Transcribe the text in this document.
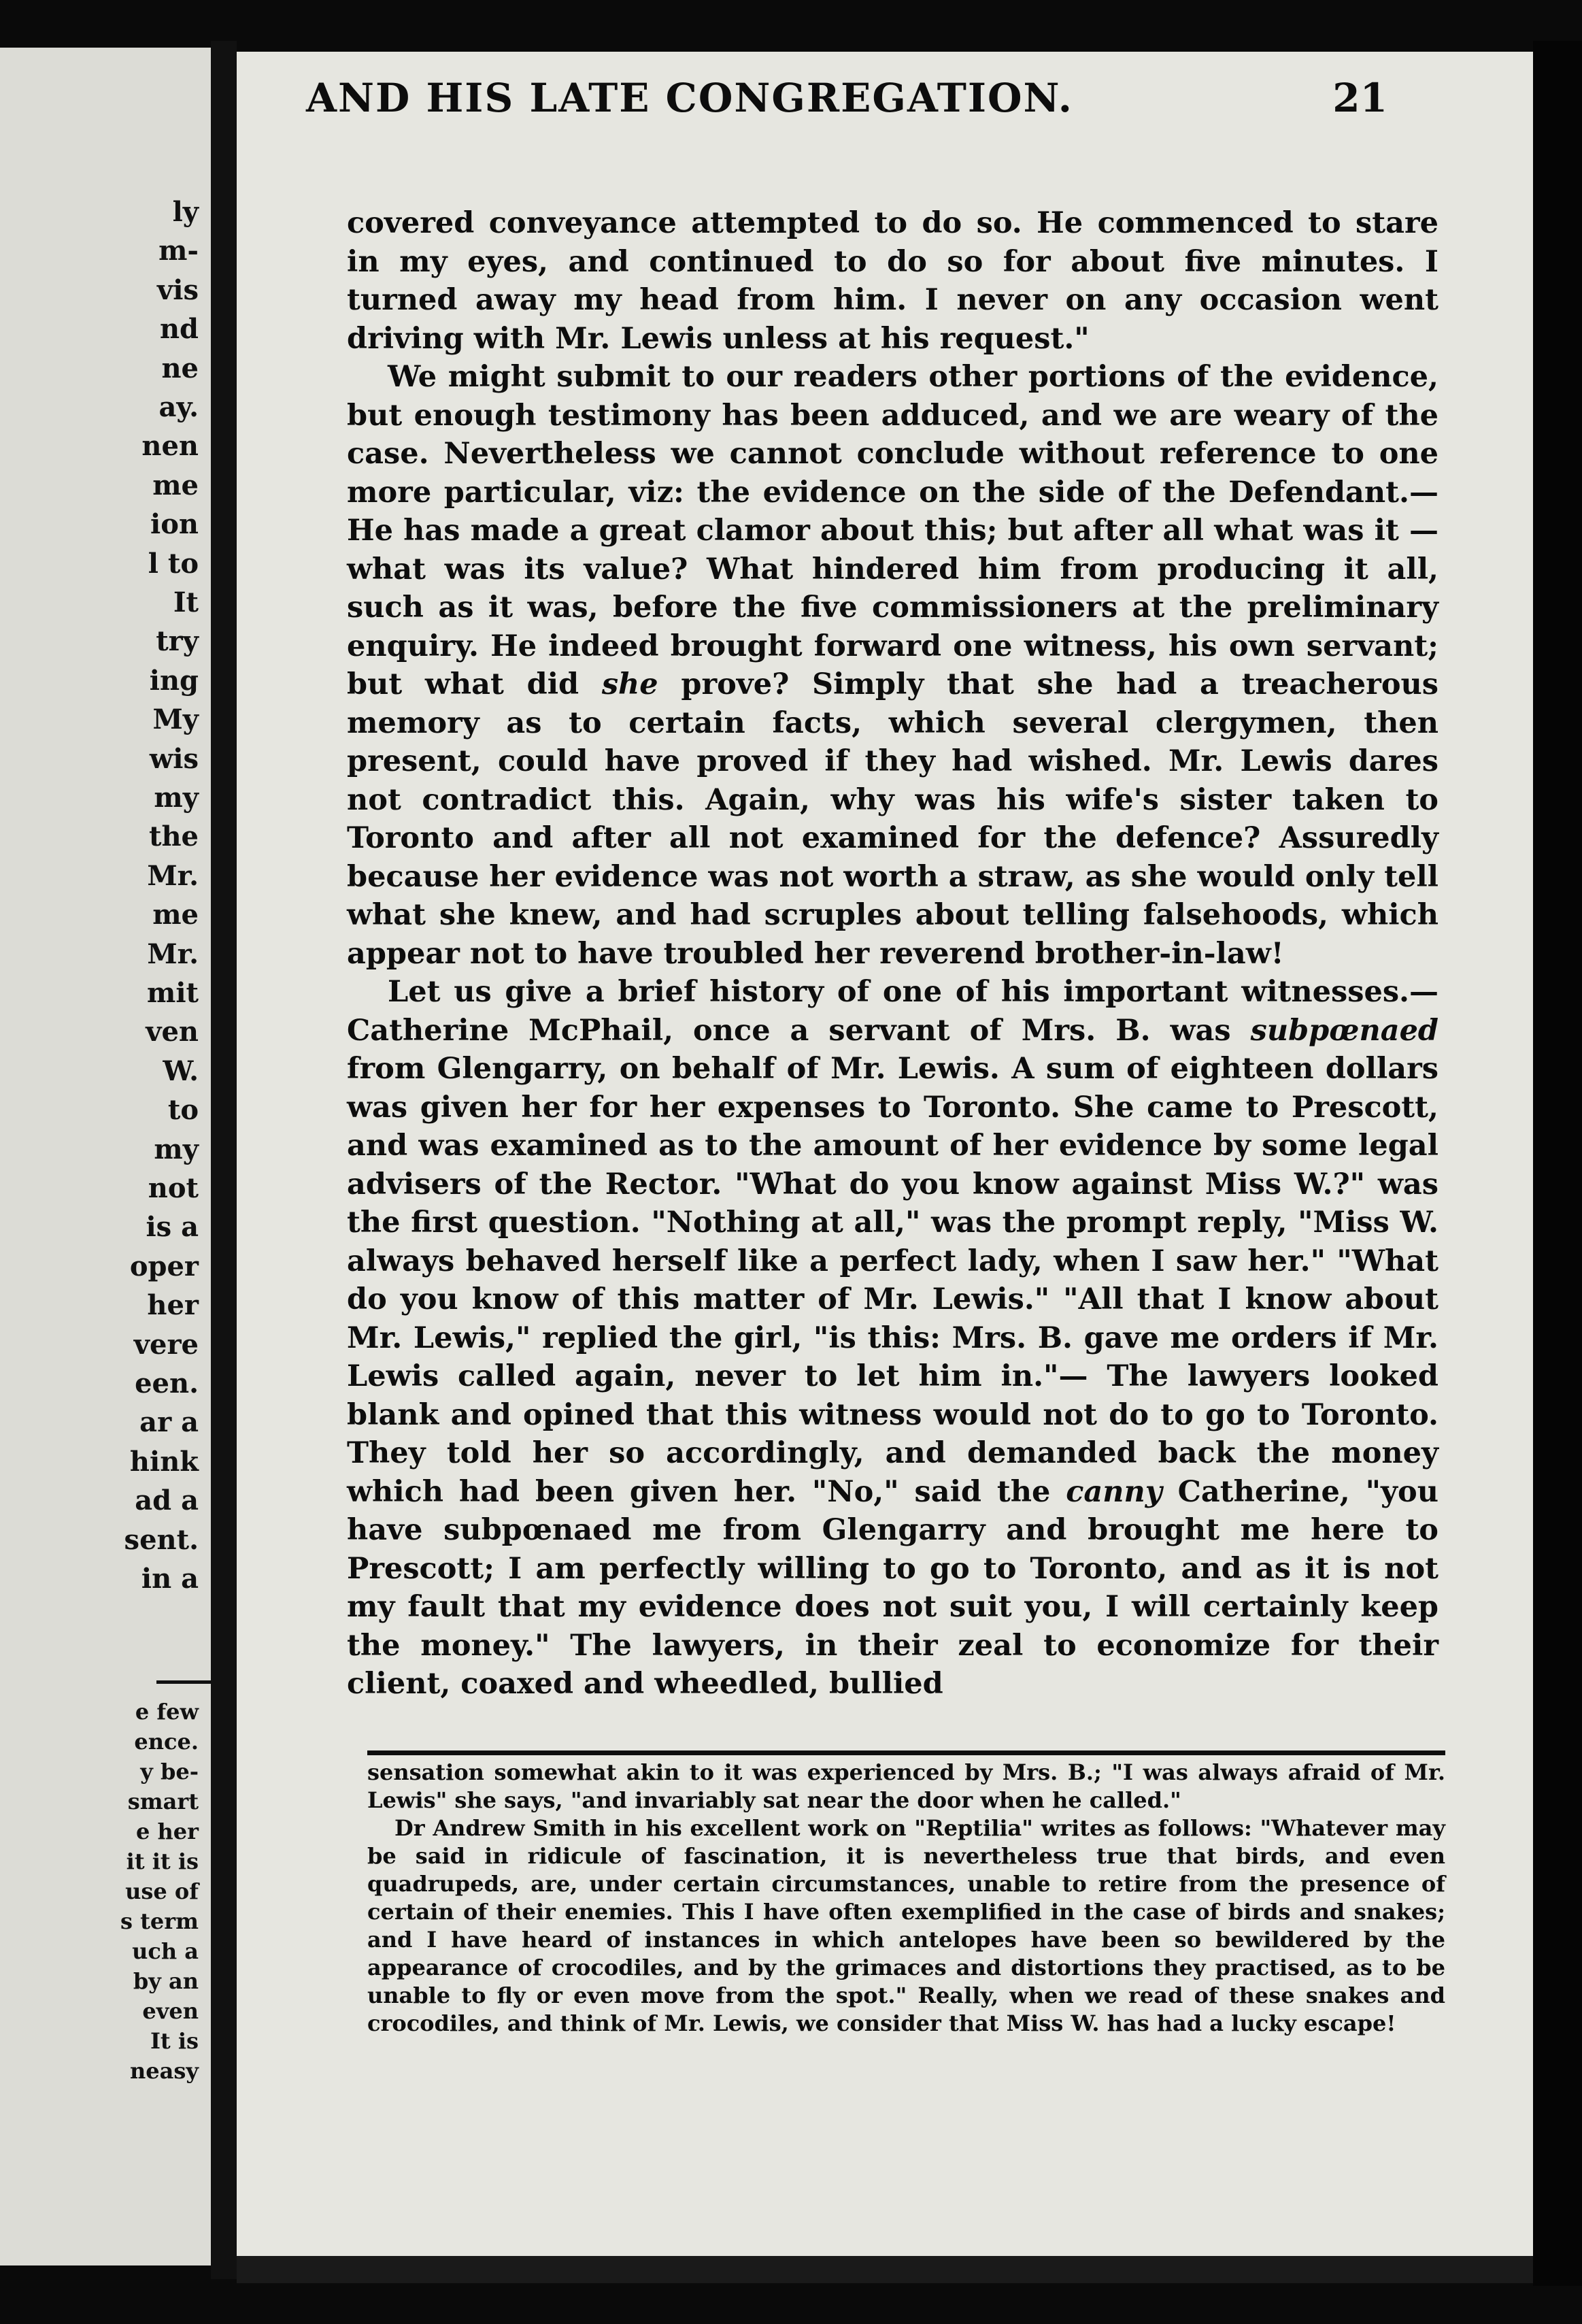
ly
m-
vis
nd
ne
ay.
nen
me
ion
l to
It
try
ing
My
wis
my
the
Mr.
me
Mr.
mit
ven
W.
to
my
not
is a
oper
her
vere
een.
ar a
hink
ad a
sent.
in a
e few
ence.
y be-
smart
e her
it it is
use of
s term
uch a
by an
even
It is
neasy
AND HIS LATE CONGREGATION.	21

covered conveyance attempted to do so. He commenced to stare in my eyes, and continued to do so for about five minutes. I turned away my head from him. I never on any occasion went driving with Mr. Lewis unless at his request."

We might submit to our readers other portions of the evidence, but enough testimony has been adduced, and we are weary of the case. Nevertheless we cannot conclude without reference to one more particular, viz: the evidence on the side of the Defendant.— He has made a great clamor about this; but after all what was it —what was its value? What hindered him from producing it all, such as it was, before the five commissioners at the preliminary enquiry. He indeed brought forward one witness, his own servant; but what did she prove? Simply that she had a treacherous memory as to certain facts, which several clergymen, then present, could have proved if they had wished. Mr. Lewis dares not contradict this. Again, why was his wife's sister taken to Toronto and after all not examined for the defence? Assuredly because her evidence was not worth a straw, as she would only tell what she knew, and had scruples about telling falsehoods, which appear not to have troubled her reverend brother-in-law!

Let us give a brief history of one of his important witnesses.— Catherine McPhail, once a servant of Mrs. B. was subpœnaed from Glengarry, on behalf of Mr. Lewis. A sum of eighteen dollars was given her for her expenses to Toronto. She came to Prescott, and was examined as to the amount of her evidence by some legal advisers of the Rector. "What do you know against Miss W.?" was the first question. "Nothing at all," was the prompt reply, "Miss W. always behaved herself like a perfect lady, when I saw her." "What do you know of this matter of Mr. Lewis." "All that I know about Mr. Lewis," replied the girl, "is this: Mrs. B. gave me orders if Mr. Lewis called again, never to let him in."— The lawyers looked blank and opined that this witness would not do to go to Toronto. They told her so accordingly, and demanded back the money which had been given her. "No," said the canny Catherine, "you have subpœnaed me from Glengarry and brought me here to Prescott; I am perfectly willing to go to Toronto, and as it is not my fault that my evidence does not suit you, I will certainly keep the money." The lawyers, in their zeal to economize for their client, coaxed and wheedled, bullied

sensation somewhat akin to it was experienced by Mrs. B.; "I was always afraid of Mr. Lewis" she says, "and invariably sat near the door when he called."

Dr Andrew Smith in his excellent work on "Reptilia" writes as follows: "Whatever may be said in ridicule of fascination, it is nevertheless true that birds, and even quadrupeds, are, under certain circumstances, unable to retire from the presence of certain of their enemies. This I have often exemplified in the case of birds and snakes; and I have heard of instances in which antelopes have been so bewildered by the appearance of crocodiles, and by the grimaces and distortions they practised, as to be unable to fly or even move from the spot." Really, when we read of these snakes and crocodiles, and think of Mr. Lewis, we consider that Miss W. has had a lucky escape!
